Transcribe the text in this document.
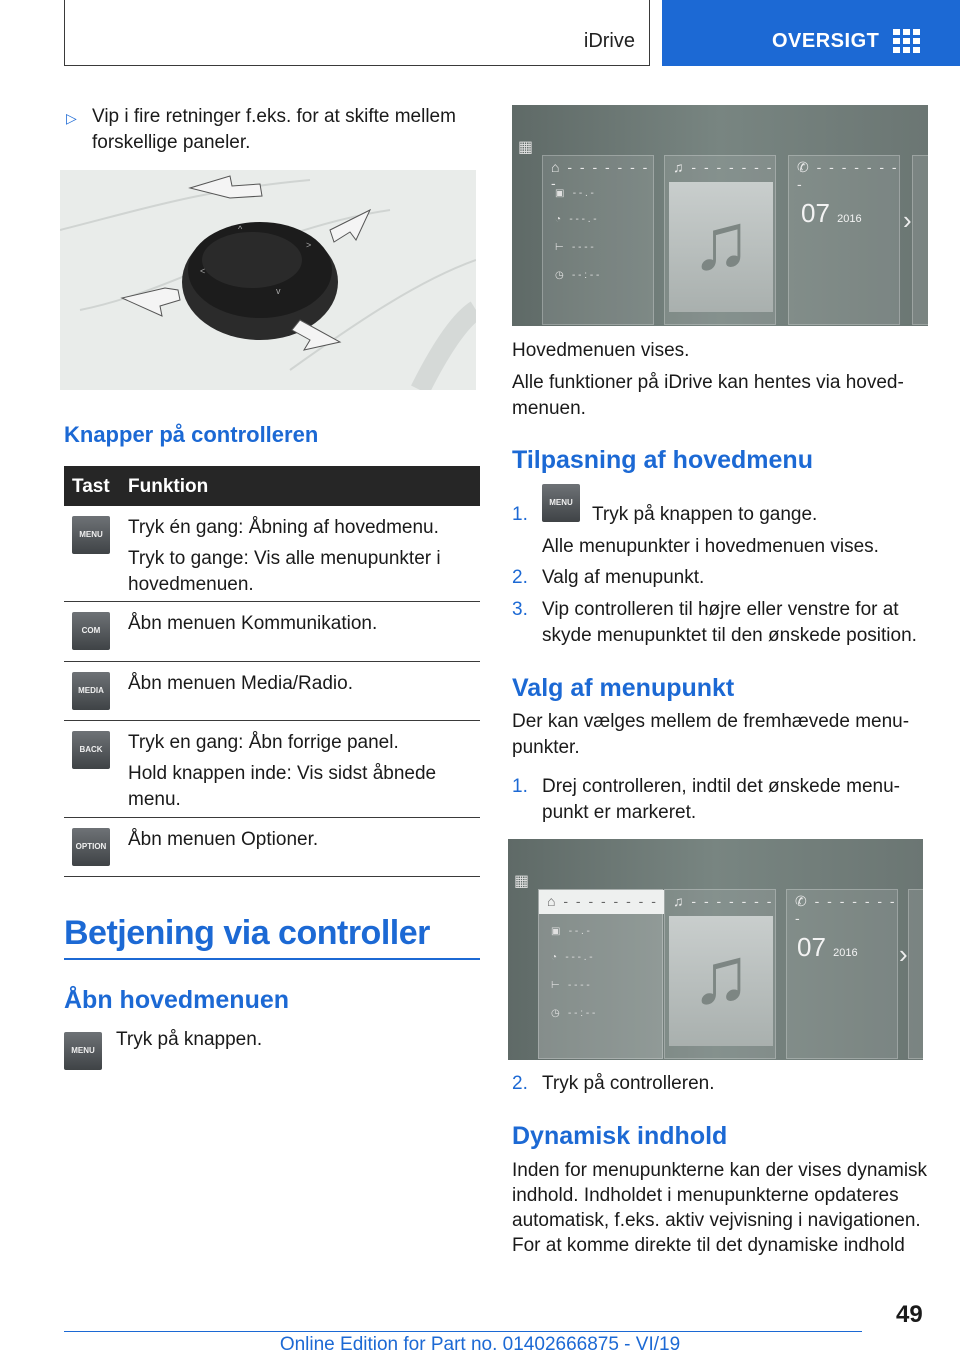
iDrive	OVERSIGT
▷ Vip i fire retninger f.eks. for at skifte mellem forskellige paneler.
^
>
<
v
Knapper på controlleren
Tast Funktion
MENU	Tryk én gang: Åbning af hovedmenu.
Tryk to gange: Vis alle menupunkter i hovedmenuen.
COM	Åbn menuen Kommunikation.
MEDIA	Åbn menuen Media/Radio.
BACK	Tryk en gang: Åbn forrige panel.
Hold knappen inde: Vis sidst åbnede menu.
OPTION Åbn menuen Optioner.
Betjening via controller
Åbn hovedmenuen
MENU
Tryk på knappen.
▦
⌂ - - - - - - - -
▣   - - . -
◔   - - - . -
⊢   - - - -
◷   - - : - -
♫ - - - - - - -
♫
✆ - - - - - - - -
07 2016 ›
Hovedmenuen vises.
Alle funktioner på iDrive kan hentes via hoved-menuen.
Tilpasning af hovedmenu
1.
MENU
Tryk på knappen to gange.
Alle menupunkter i hovedmenuen vises.
2. Valg af menupunkt.
3. Vip controlleren til højre eller venstre for at skyde menupunktet til den ønskede position.
Valg af menupunkt
Der kan vælges mellem de fremhævede menu-punkter.
1. Drej controlleren, indtil det ønskede menu-punkt er markeret.
▦
⌂ - - - - - - - -
▣   - - . -
◔   - - - . -
⊢   - - - -
◷   - - : - -
♫ - - - - - - -
♫
✆ - - - - - - - -
07 2016 ›
2. Tryk på controlleren.
Dynamisk indhold
Inden for menupunkterne kan der vises dynamisk indhold. Indholdet i menupunkterne opdateres automatisk, f.eks. aktiv vejvisning i navigationen. For at komme direkte til det dynamiske indhold
49
Online Edition for Part no. 01402666875 - VI/19
